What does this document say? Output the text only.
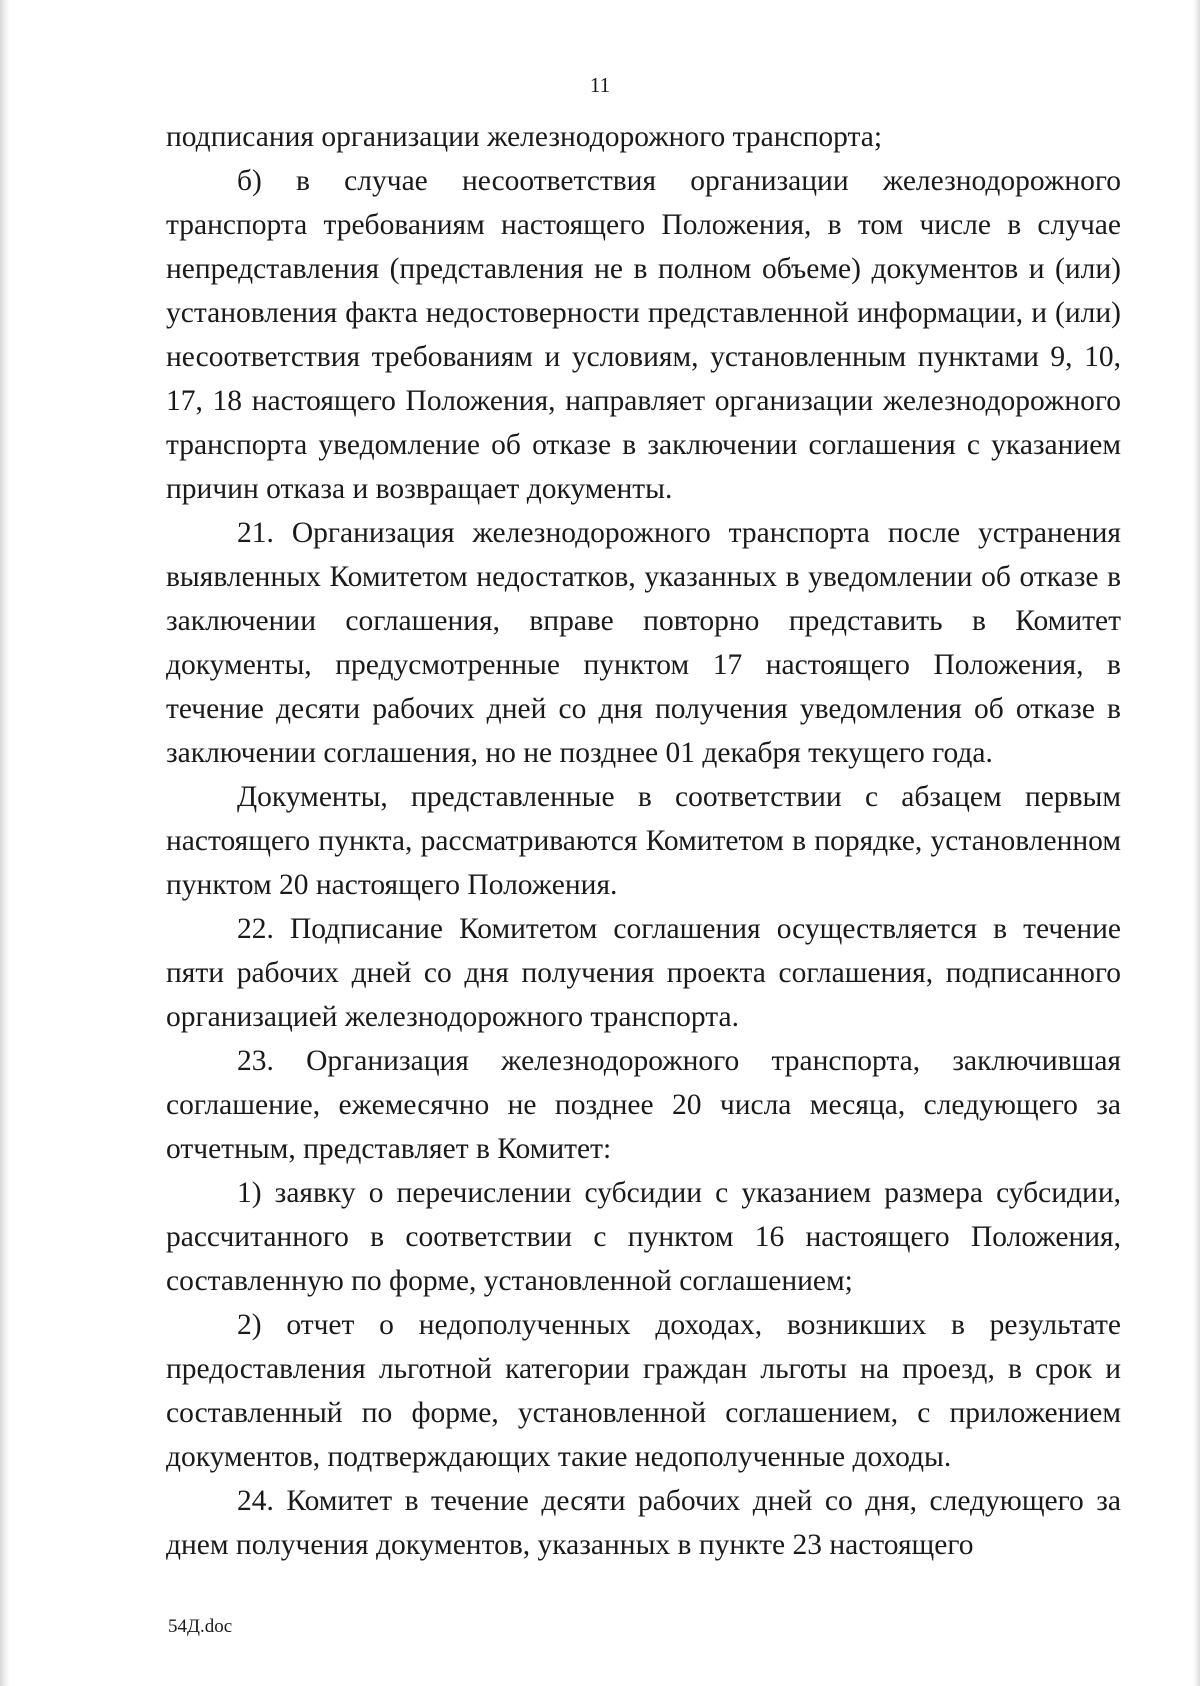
11

подписания организации железнодорожного транспорта;

б) в случае несоответствия организации железнодорожного транспорта требованиям настоящего Положения, в том числе в случае непредставления (представления не в полном объеме) документов и (или) установления факта недостоверности представленной информации, и (или) несоответствия требованиям и условиям, установленным пунктами 9, 10, 17, 18 настоящего Положения, направляет организации железнодорожного транспорта уведомление об отказе в заключении соглашения с указанием причин отказа и возвращает документы.

21. Организация железнодорожного транспорта после устранения выявленных Комитетом недостатков, указанных в уведомлении об отказе в заключении соглашения, вправе повторно представить в Комитет документы, предусмотренные пунктом 17 настоящего Положения, в течение десяти рабочих дней со дня получения уведомления об отказе в заключении соглашения, но не позднее 01 декабря текущего года.

Документы, представленные в соответствии с абзацем первым настоящего пункта, рассматриваются Комитетом в порядке, установленном пунктом 20 настоящего Положения.

22. Подписание Комитетом соглашения осуществляется в течение пяти рабочих дней со дня получения проекта соглашения, подписанного организацией железнодорожного транспорта.

23. Организация железнодорожного транспорта, заключившая соглашение, ежемесячно не позднее 20 числа месяца, следующего за отчетным, представляет в Комитет:

1) заявку о перечислении субсидии с указанием размера субсидии, рассчитанного в соответствии с пунктом 16 настоящего Положения, составленную по форме, установленной соглашением;

2) отчет о недополученных доходах, возникших в результате предоставления льготной категории граждан льготы на проезд, в срок и составленный по форме, установленной соглашением, с приложением документов, подтверждающих такие недополученные доходы.

24. Комитет в течение десяти рабочих дней со дня, следующего за днем получения документов, указанных в пункте 23 настоящего

54Д.doc
